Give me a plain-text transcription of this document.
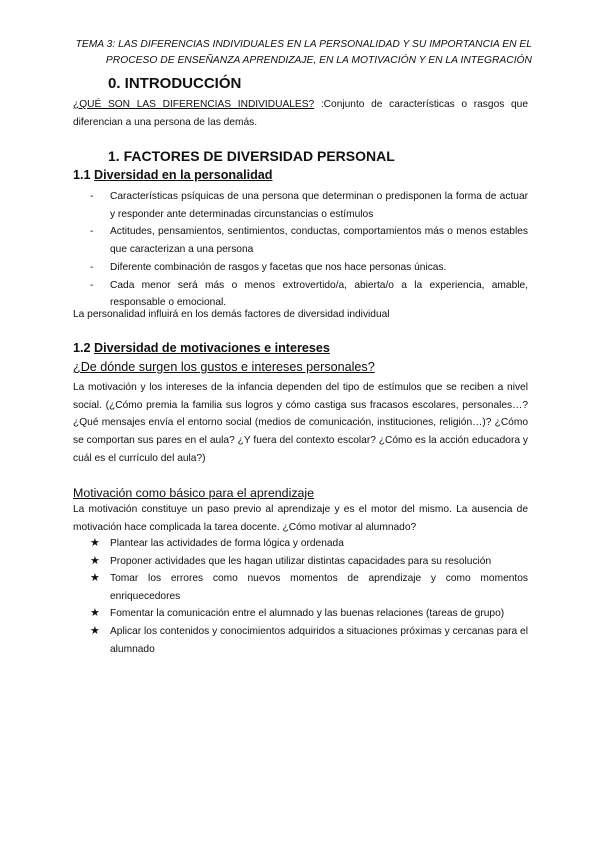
TEMA 3: LAS DIFERENCIAS INDIVIDUALES EN LA PERSONALIDAD Y SU IMPORTANCIA EN EL
PROCESO DE ENSEÑANZA APRENDIZAJE, EN LA MOTIVACIÓN Y EN LA INTEGRACIÓN
0. INTRODUCCIÓN
¿QUÉ SON LAS DIFERENCIAS INDIVIDUALES? :Conjunto de características o rasgos que diferencian a una persona de las demás.
1. FACTORES DE DIVERSIDAD PERSONAL
1.1 Diversidad en la personalidad
- Características psíquicas de una persona que determinan o predisponen la forma de actuar y responder ante determinadas circunstancias o estímulos
- Actitudes, pensamientos, sentimientos, conductas, comportamientos más o menos estables que caracterizan a una persona
- Diferente combinación de rasgos y facetas que nos hace personas únicas.
- Cada menor será más o menos extrovertido/a, abierta/o a la experiencia, amable, responsable o emocional.
La personalidad influirá en los demás factores de diversidad individual
1.2 Diversidad de motivaciones e intereses
¿De dónde surgen los gustos e intereses personales?
La motivación y los intereses de la infancia dependen del tipo de estímulos que se reciben a nivel social. (¿Cómo premia la familia sus logros y cómo castiga sus fracasos escolares, personales…? ¿Qué mensajes envía el entorno social (medios de comunicación, instituciones, religión…)? ¿Cómo se comportan sus pares en el aula? ¿Y fuera del contexto escolar? ¿Cómo es la acción educadora y cuál es el currículo del aula?)
Motivación como básico para el aprendizaje
La motivación constituye un paso previo al aprendizaje y es el motor del mismo. La ausencia de motivación hace complicada la tarea docente. ¿Cómo motivar al alumnado?
★ Plantear las actividades de forma lógica y ordenada
★ Proponer actividades que les hagan utilizar distintas capacidades para su resolución
★ Tomar los errores como nuevos momentos de aprendizaje y como momentos enriquecedores
★ Fomentar la comunicación entre el alumnado y las buenas relaciones (tareas de grupo)
★ Aplicar los contenidos y conocimientos adquiridos a situaciones próximas y cercanas para el alumnado
